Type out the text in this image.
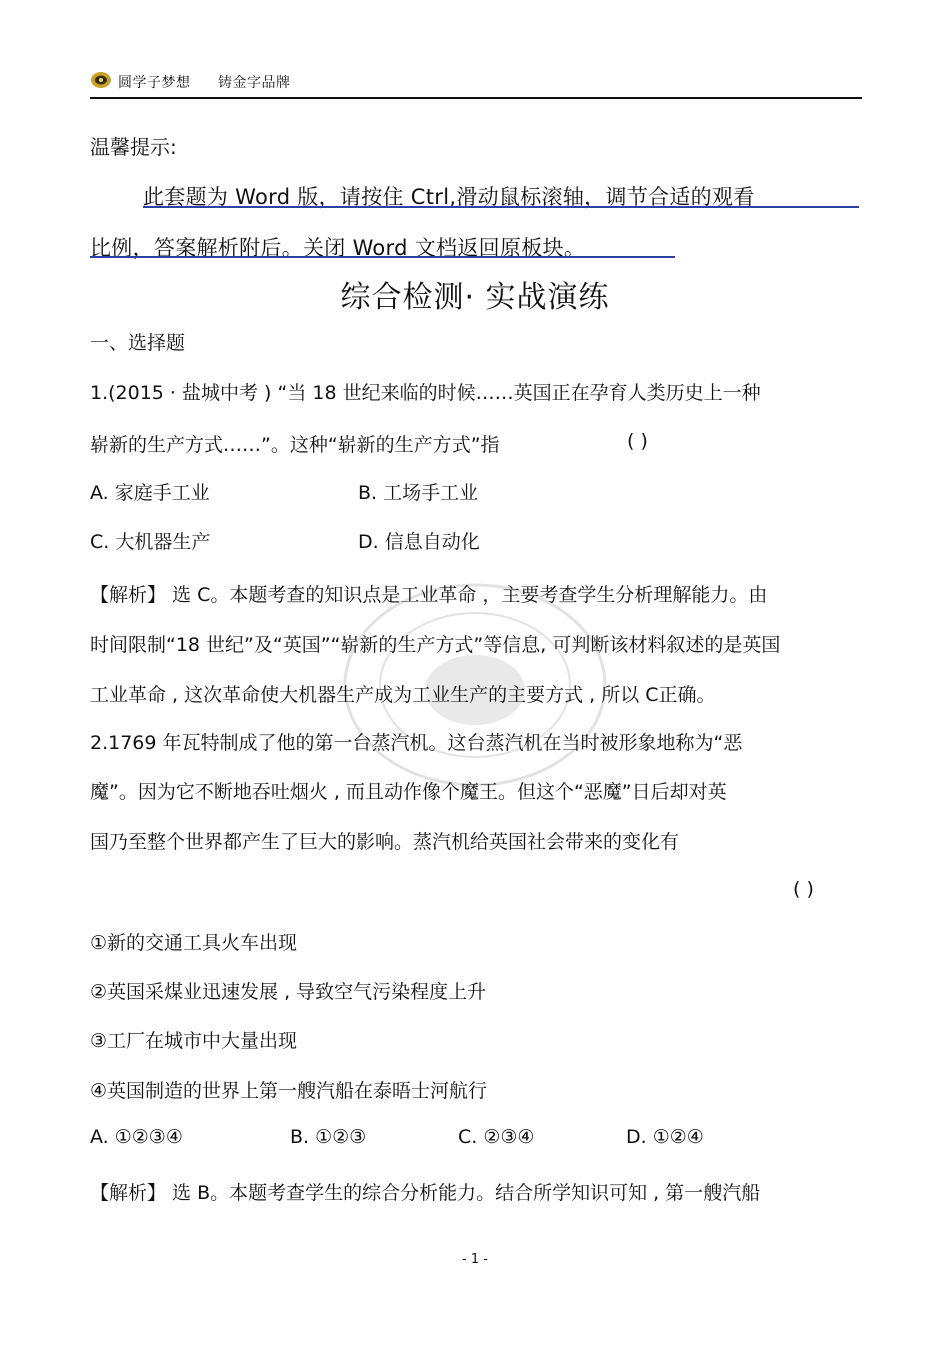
圆学子梦想 铸金字品牌
温馨提示:
此套题为 Word 版，请按住 Ctrl,滑动鼠标滚轴，调节合适的观看
比例，答案解析附后。关闭 Word 文档返回原板块。
综合检测· 实战演练
一、选择题
1.(2015 · 盐城中考 ) “当 18 世纪来临的时候……英国正在孕育人类历史上一种
崭新的生产方式……”。这种“崭新的生产方式”指	( )
A. 家庭手工业	B. 工场手工业
C. 大机器生产	D. 信息自动化
【解析】 选 C。本题考查的知识点是工业革命 ，主要考查学生分析理解能力。由
时间限制“18 世纪”及“英国”“崭新的生产方式”等信息, 可判断该材料叙述的是英国
工业革命 , 这次革命使大机器生产成为工业生产的主要方式 , 所以 C正确。
2.1769 年瓦特制成了他的第一台蒸汽机。这台蒸汽机在当时被形象地称为“恶
魔”。因为它不断地吞吐烟火 , 而且动作像个魔王。但这个“恶魔”日后却对英
国乃至整个世界都产生了巨大的影响。蒸汽机给英国社会带来的变化有
( )
①新的交通工具火车出现
②英国采煤业迅速发展 , 导致空气污染程度上升
③工厂在城市中大量出现
④英国制造的世界上第一艘汽船在泰晤士河航行
A. ①②③④	B. ①②③	C. ②③④	D. ①②④
【解析】 选 B。本题考查学生的综合分析能力。结合所学知识可知 , 第一艘汽船
- 1 -
